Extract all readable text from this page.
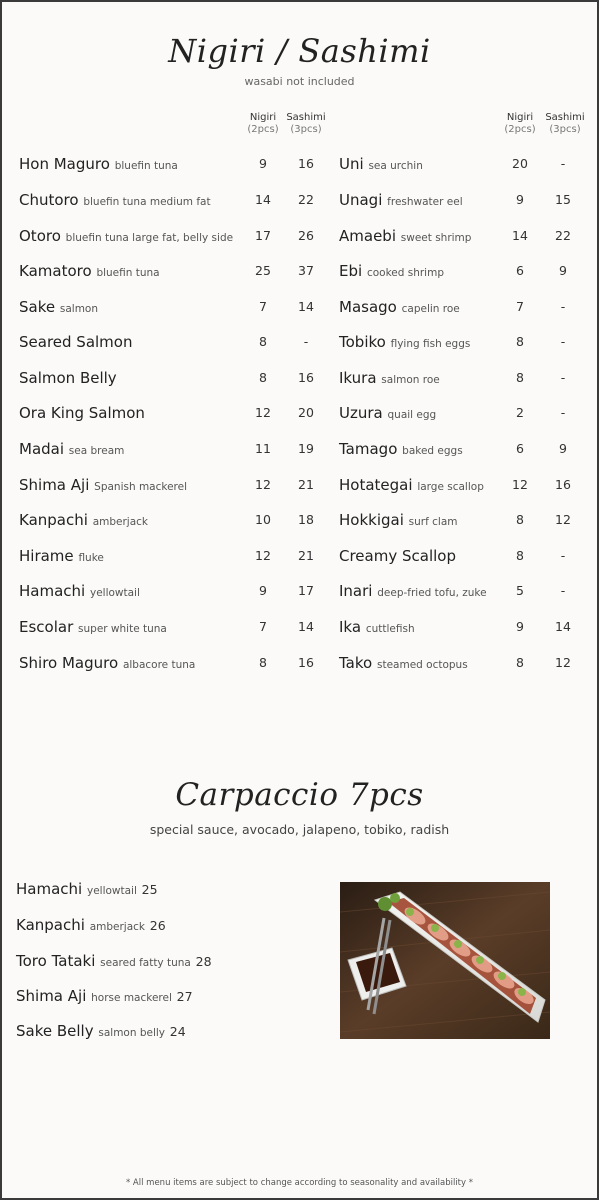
Nigiri / Sashimi
wasabi not included
Nigiri
(2pcs)
Sashimi
(3pcs)
Nigiri
(2pcs)
Sashimi
(3pcs)
Hon Maguro bluefin tuna	9	16
Chutoro bluefin tuna medium fat	14	22
Otoro bluefin tuna large fat, belly side	17	26
Kamatoro bluefin tuna	25	37
Sake salmon	7	14
Seared Salmon	8	-
Salmon Belly	8	16
Ora King Salmon	12	20
Madai sea bream	11	19
Shima Aji Spanish mackerel	12	21
Kanpachi amberjack	10	18
Hirame fluke	12	21
Hamachi yellowtail	9	17
Escolar super white tuna	7	14
Shiro Maguro albacore tuna	8	16
Uni sea urchin	20	-
Unagi freshwater eel	9	15
Amaebi sweet shrimp	14	22
Ebi cooked shrimp	6	9
Masago capelin roe	7	-
Tobiko flying fish eggs	8	-
Ikura salmon roe	8	-
Uzura quail egg	2	-
Tamago baked eggs	6	9
Hotategai large scallop	12	16
Hokkigai surf clam	8	12
Creamy Scallop	8	-
Inari deep-fried tofu, zuke	5	-
Ika cuttlefish	9	14
Tako steamed octopus	8	12
Carpaccio 7pcs
special sauce, avocado, jalapeno, tobiko, radish
Hamachi yellowtail 25
Kanpachi amberjack 26
Toro Tataki seared fatty tuna 28
Shima Aji horse mackerel 27
Sake Belly salmon belly 24
* All menu items are subject to change according to seasonality and availability *
